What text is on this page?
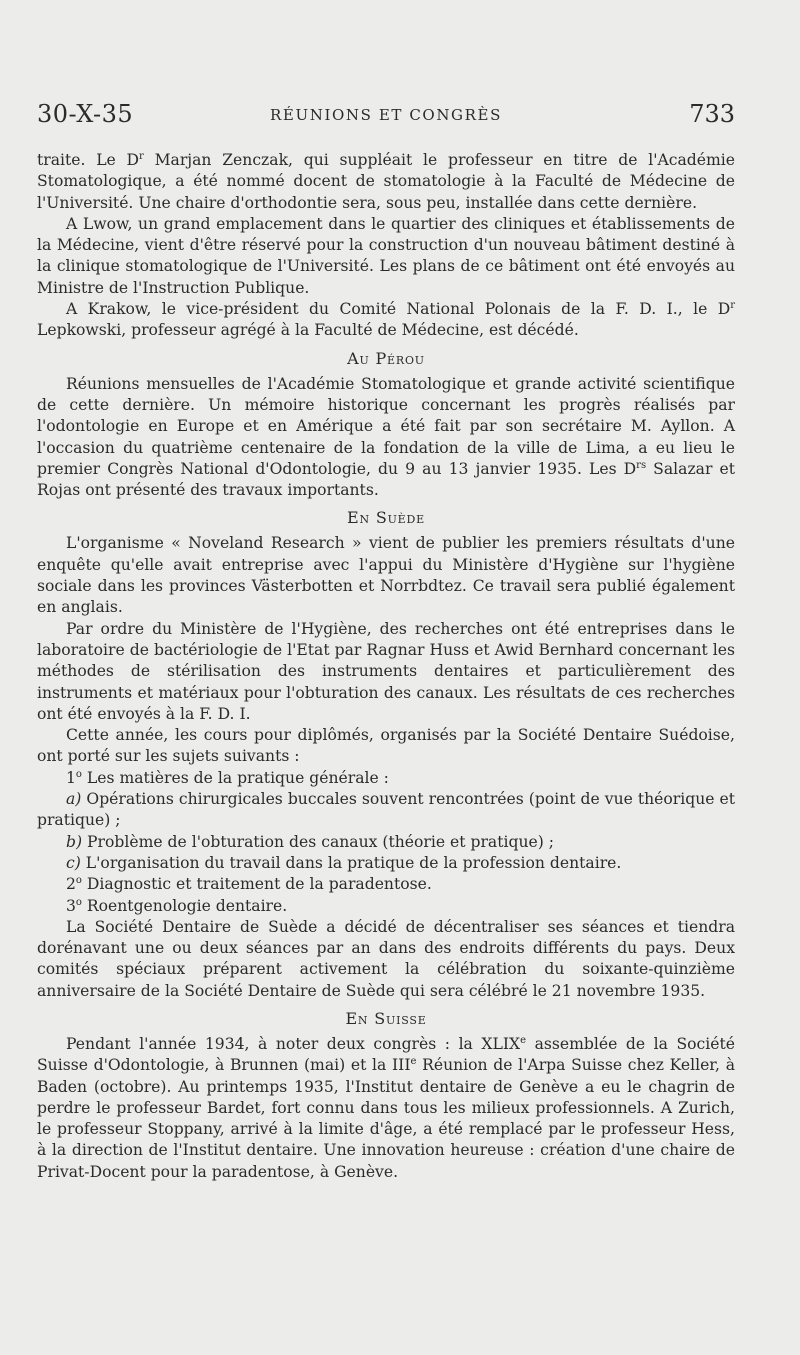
30-X-35	RÉUNIONS ET CONGRÈS	733

traite. Le $D^r$ Marjan Zenczak, qui suppléait le professeur en titre de l'Académie Stomatologique, a été nommé docent de stomatologie à la Faculté de Médecine de l'Université. Une chaire d'orthodontie sera, sous peu, installée dans cette dernière.

A Lwow, un grand emplacement dans le quartier des cliniques et établissements de la Médecine, vient d'être réservé pour la construction d'un nouveau bâtiment destiné à la clinique stomatologique de l'Université. Les plans de ce bâtiment ont été envoyés au Ministre de l'Instruction Publique.

A Krakow, le vice-président du Comité National Polonais de la F. D. I., le $D^r$ Lepkowski, professeur agrégé à la Faculté de Médecine, est décédé.

Au Pérou

Réunions mensuelles de l'Académie Stomatologique et grande activité scientifique de cette dernière. Un mémoire historique concernant les progrès réalisés par l'odontologie en Europe et en Amérique a été fait par son secrétaire M. Ayllon. A l'occasion du quatrième centenaire de la fondation de la ville de Lima, a eu lieu le premier Congrès National d'Odontologie, du 9 au 13 janvier 1935. Les $D^{rs}$ Salazar et Rojas ont présenté des travaux importants.

En Suède

L'organisme « Noveland Research » vient de publier les premiers résultats d'une enquête qu'elle avait entreprise avec l'appui du Ministère d'Hygiène sur l'hygiène sociale dans les provinces Västerbotten et Norrbdtez. Ce travail sera publié également en anglais.

Par ordre du Ministère de l'Hygiène, des recherches ont été entreprises dans le laboratoire de bactériologie de l'Etat par Ragnar Huss et Awid Bernhard concernant les méthodes de stérilisation des instruments dentaires et particulièrement des instruments et matériaux pour l'obturation des canaux. Les résultats de ces recherches ont été envoyés à la F. D. I.

Cette année, les cours pour diplômés, organisés par la Société Dentaire Suédoise, ont porté sur les sujets suivants :

1$^o$ Les matières de la pratique générale :

a) Opérations chirurgicales buccales souvent rencontrées (point de vue théorique et pratique) ;

b) Problème de l'obturation des canaux (théorie et pratique) ;

c) L'organisation du travail dans la pratique de la profession dentaire.

2$^o$ Diagnostic et traitement de la paradentose.

3$^o$ Roentgenologie dentaire.

La Société Dentaire de Suède a décidé de décentraliser ses séances et tiendra dorénavant une ou deux séances par an dans des endroits différents du pays. Deux comités spéciaux préparent activement la célébration du soixante-quinzième anniversaire de la Société Dentaire de Suède qui sera célébré le 21 novembre 1935.

En Suisse

Pendant l'année 1934, à noter deux congrès : la XLIXe assemblée de la Société Suisse d'Odontologie, à Brunnen (mai) et la IIIe Réunion de l'Arpa Suisse chez Keller, à Baden (octobre). Au printemps 1935, l'Institut dentaire de Genève a eu le chagrin de perdre le professeur Bardet, fort connu dans tous les milieux professionnels. A Zurich, le professeur Stoppany, arrivé à la limite d'âge, a été remplacé par le professeur Hess, à la direction de l'Institut dentaire. Une innovation heureuse : création d'une chaire de Privat-Docent pour la paradentose, à Genève.
